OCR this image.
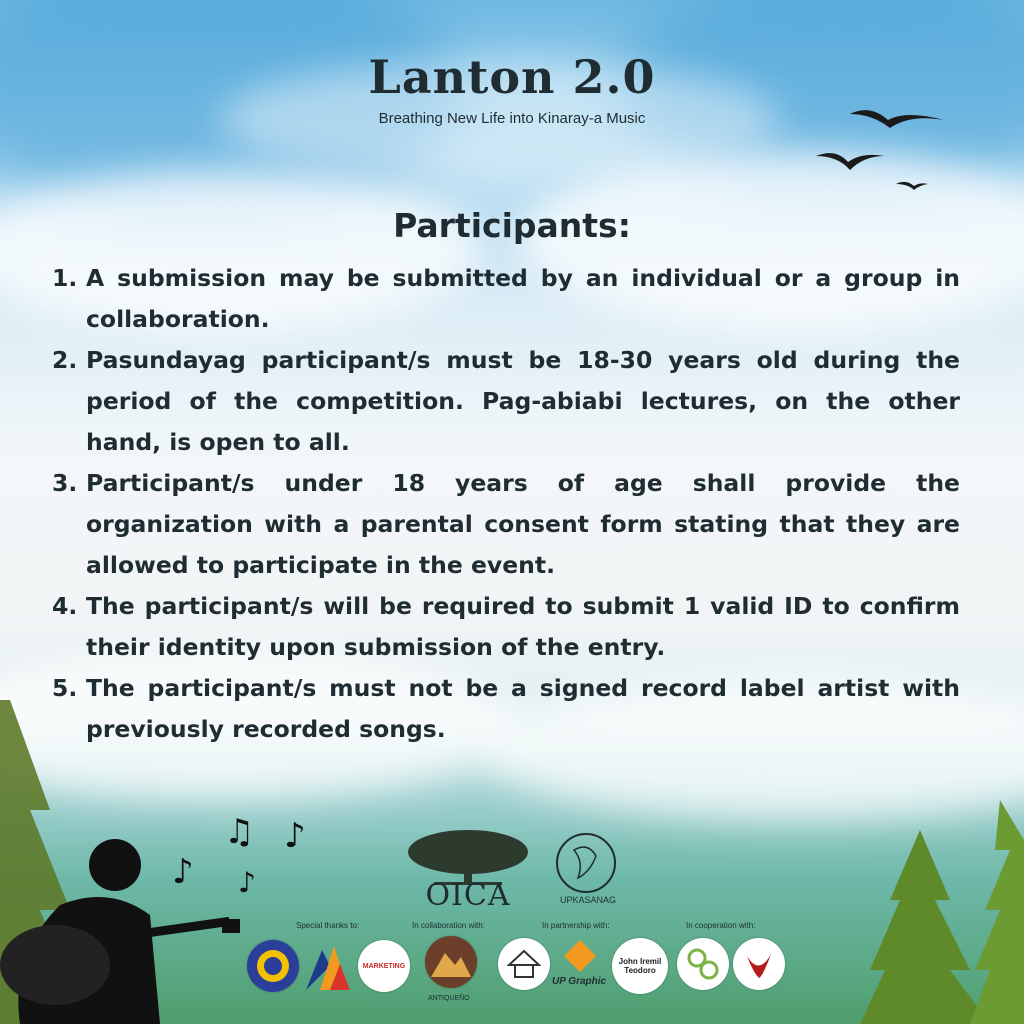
Lanton 2.0
Breathing New Life into Kinaray-a Music
Participants:
1. A submission may be submitted by an individual or a group in collaboration.
2. Pasundayag participant/s must be 18-30 years old during the period of the competition. Pag-abiabi lectures, on the other hand, is open to all.
3. Participant/s under 18 years of age shall provide the organization with a parental consent form stating that they are allowed to participate in the event.
4. The participant/s will be required to submit 1 valid ID to confirm their identity upon submission of the entry.
5. The participant/s must not be a signed record label artist with previously recorded songs.
♪
♫ ♪
♪	OICA	UPKASANAG
Special thanks to:	In collaboration with:	In partnership with:	In cooperation with:
MARKETING
ANTIQUEÑO
UP Graphic
John Iremil Teodoro
